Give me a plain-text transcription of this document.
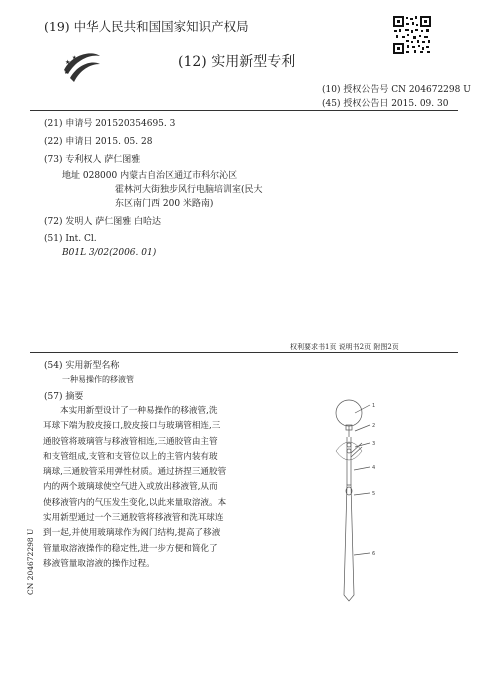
★
★
★
(19) 中华人民共和国国家知识产权局
(12) 实用新型专利
(10) 授权公告号 CN 204672298 U
(45) 授权公告日 2015. 09. 30
(21) 申请号 201520354695. 3
(22) 申请日 2015. 05. 28
(73) 专利权人 萨仁图雅
地址 028000 内蒙古自治区通辽市科尔沁区
霍林河大街独步风行电脑培训室(民大
东区南门西 200 米路南)
(72) 发明人 萨仁图雅 白哈达
(51) Int. Cl.
B01L 3/02(2006. 01)
权利要求书1页 说明书2页 附图2页
(54) 实用新型名称
一种易操作的移液管
(57) 摘要
本实用新型设计了一种易操作的移液管,洗
耳球下端为胶皮接口,胶皮接口与玻璃管相连,三
通胶管将玻璃管与移液管相连,三通胶管由主管
和支管组成,支管和支管位以上的主管内装有玻
璃球,三通胶管采用弹性材质。通过挤捏三通胶管
内的两个玻璃球使空气进入或放出移液管,从而
使移液管内的气压发生变化,以此来量取溶液。本
实用新型通过一个三通胶管将移液管和洗耳球连
到一起,并使用玻璃球作为阀门结构,提高了移液
管量取溶液操作的稳定性,进一步方便和简化了
移液管量取溶液的操作过程。
1
2
3
4
5
6
CN 204672298 U
